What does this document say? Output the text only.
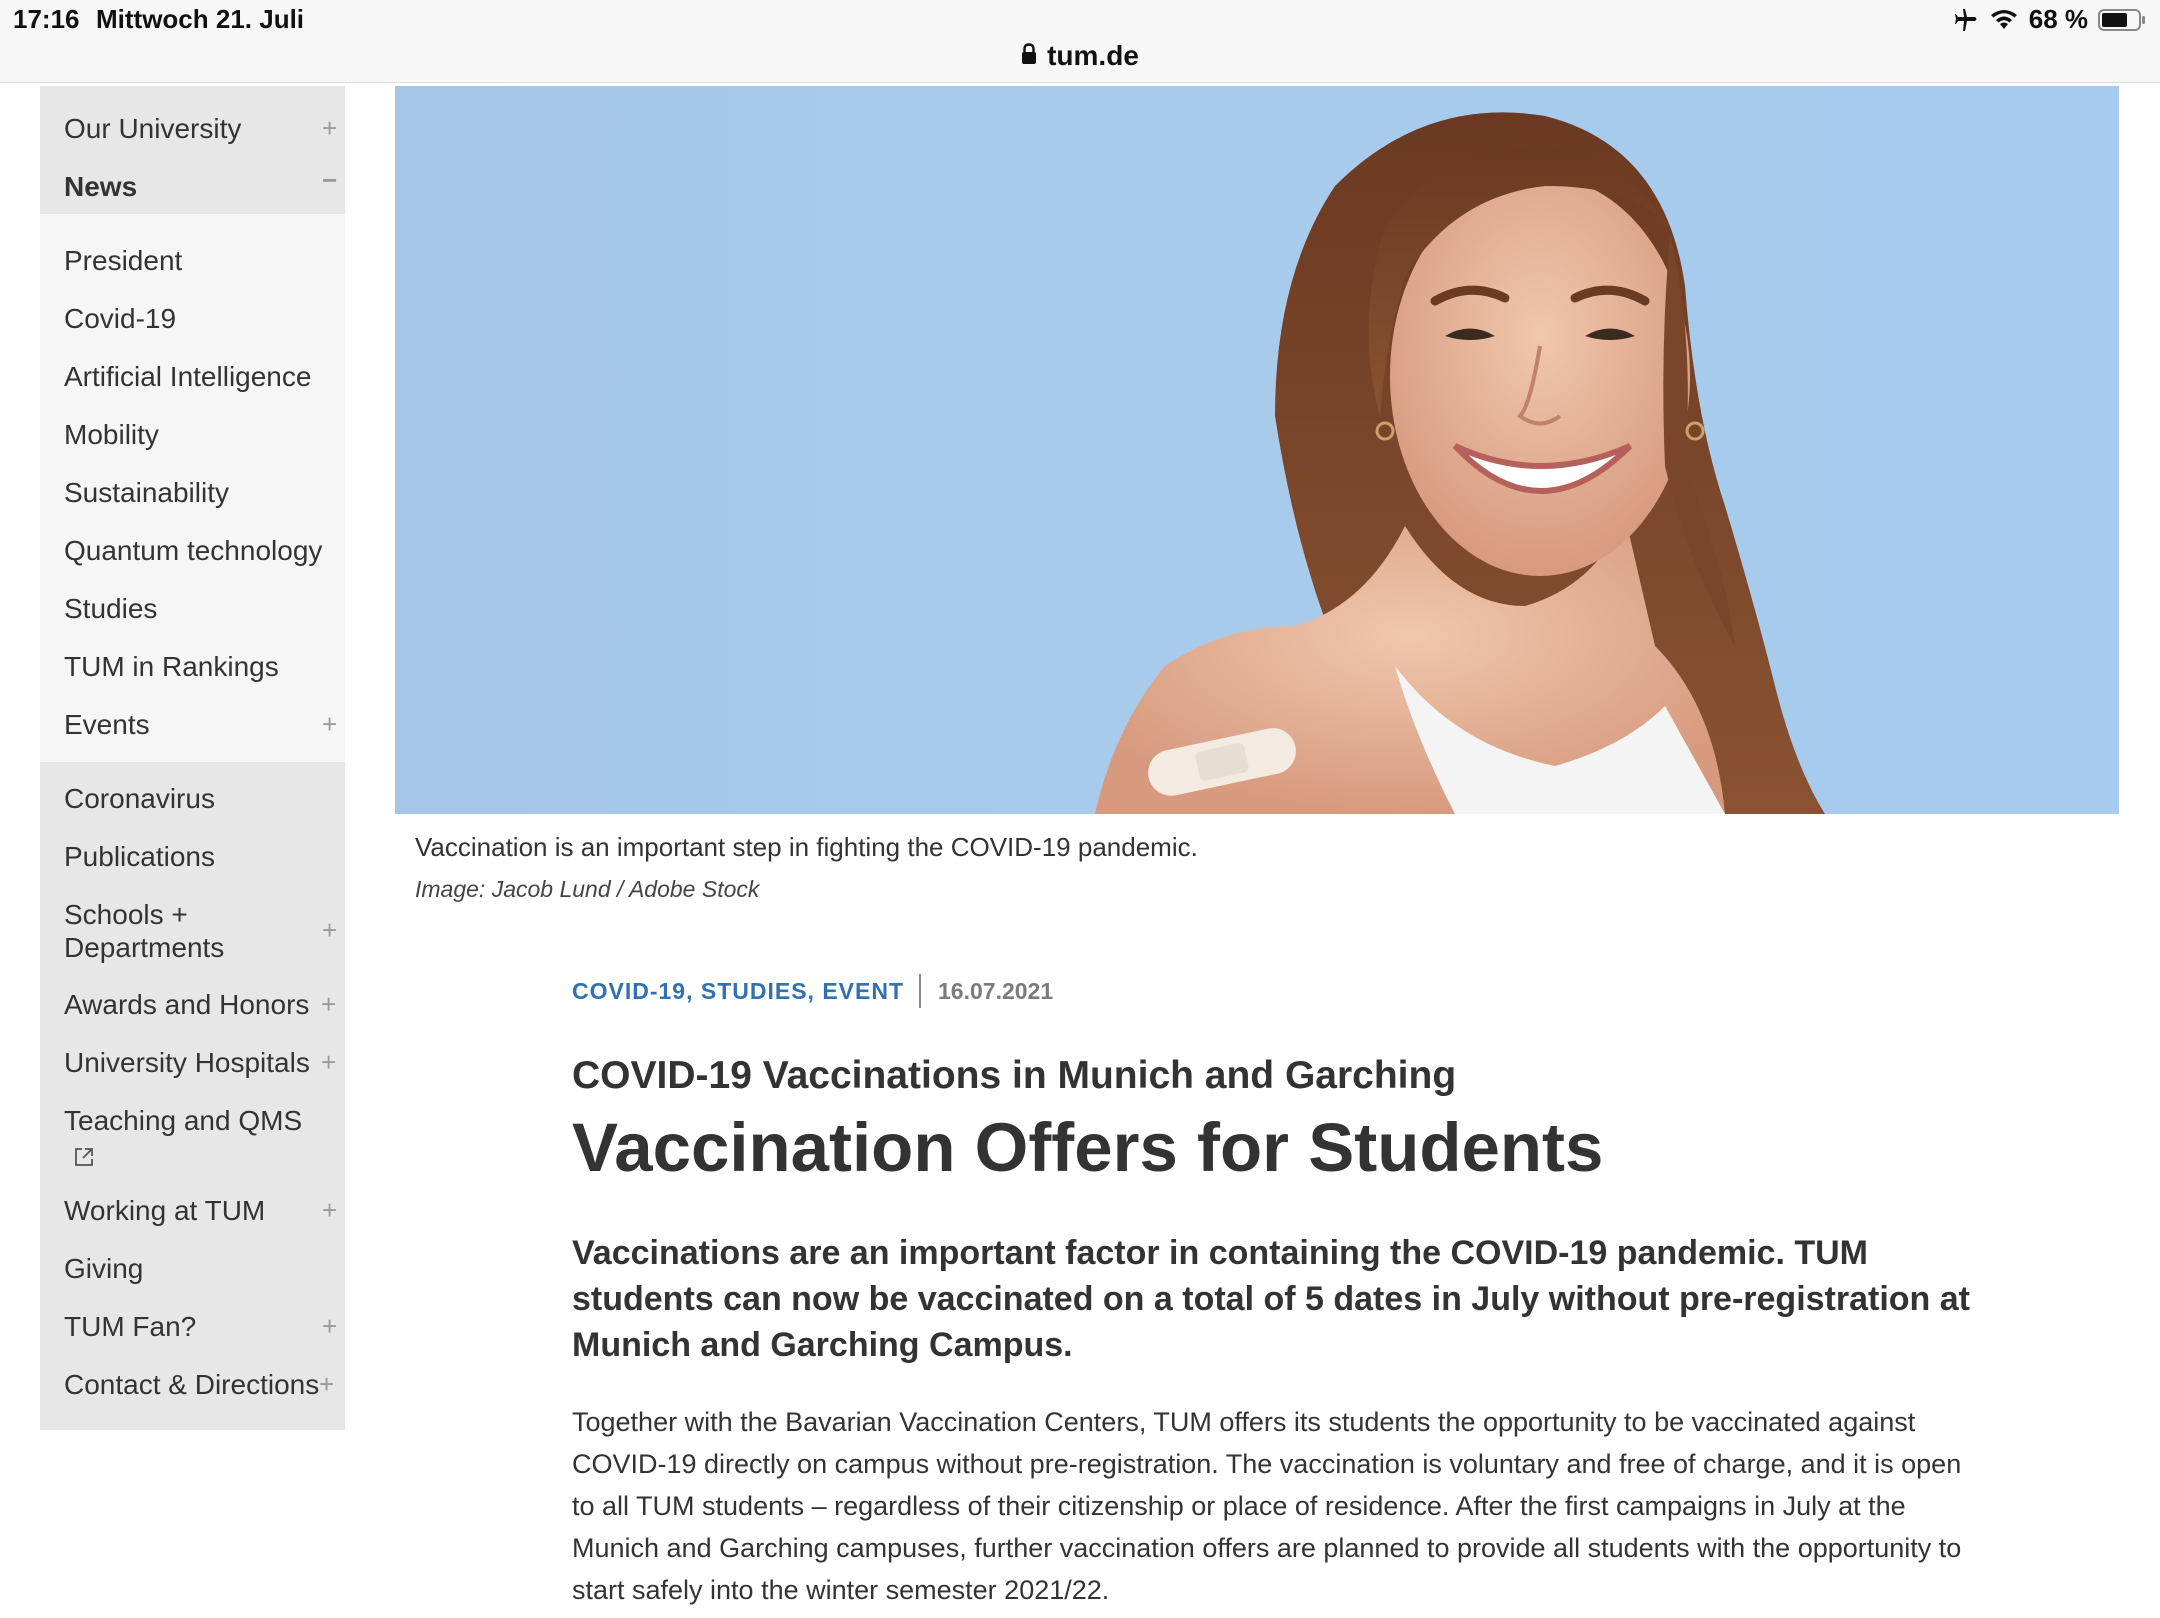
17:16 Mittwoch 21. Juli	68 %
tum.de
Our University	+
News	−
President
Covid-19
Artificial Intelligence
Mobility
Sustainability
Quantum technology
Studies
TUM in Rankings
Events	+
Coronavirus
Publications
Schools +
Departments
+
Awards and Honors +
University Hospitals +
Teaching and QMS
Working at TUM +
Giving
TUM Fan?	+
Contact & Directions +
Vaccination is an important step in fighting the COVID-19 pandemic.
Image: Jacob Lund / Adobe Stock
COVID-19, STUDIES, EVENT 16.07.2021
COVID-19 Vaccinations in Munich and Garching
Vaccination Offers for Students

Vaccinations are an important factor in containing the COVID-19 pandemic. TUM students can now be vaccinated on a total of 5 dates in July without pre-registration at Munich and Garching Campus.

Together with the Bavarian Vaccination Centers, TUM offers its students the opportunity to be vaccinated against COVID-19 directly on campus without pre-registration. The vaccination is voluntary and free of charge, and it is open to all TUM students – regardless of their citizenship or place of residence. After the first campaigns in July at the Munich and Garching campuses, further vaccination offers are planned to provide all students with the opportunity to start safely into the winter semester 2021/22.
